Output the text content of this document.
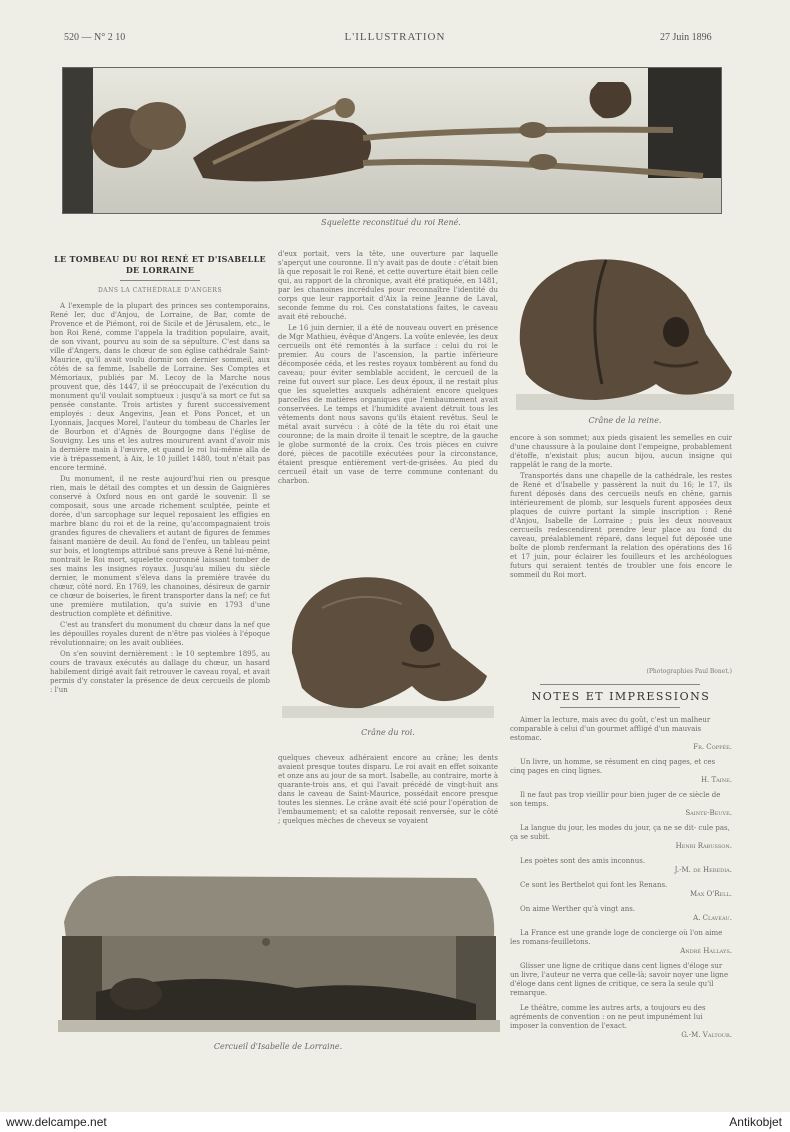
520 — N° 2 10	L'ILLUSTRATION	27 Juin 1896
Squelette reconstitué du roi René.
LE TOMBEAU DU ROI RENÉ ET D'ISABELLE DE LORRAINE
DANS LA CATHÉDRALE D'ANGERS

A l'exemple de la plupart des princes ses contemporains, René Ier, duc d'Anjou, de Lorraine, de Bar, comte de Provence et de Piémont, roi de Sicile et de Jérusalem, etc., le bon Roi René, comme l'appela la tradition populaire, avait, de son vivant, pourvu au soin de sa sépulture. C'est dans sa ville d'Angers, dans le chœur de son église cathédrale Saint-Maurice, qu'il avait voulu dormir son dernier sommeil, aux côtés de sa femme, Isabelle de Lorraine. Ses Comptes et Mémoriaux, publiés par M. Lecoy de la Marche nous prouvent que, dès 1447, il se préoccupait de l'exécution du monument qu'il voulait somptueux : jusqu'à sa mort ce fut sa pensée constante. Trois artistes y furent successivement employés : deux Angevins, Jean et Pons Poncet, et un Lyonnais, Jacques Morel, l'auteur du tombeau de Charles Ier de Bourbon et d'Agnès de Bourgogne dans l'église de Souvigny. Les uns et les autres moururent avant d'avoir mis la dernière main à l'œuvre, et quand le roi lui-même alla de vie à trépassement, à Aix, le 10 juillet 1480, tout n'était pas encore terminé.

Du monument, il ne reste aujourd'hui rien ou presque rien, mais le détail des comptes et un dessin de Gaignières conservé à Oxford nous en ont gardé le souvenir. Il se composait, sous une arcade richement sculptée, peinte et dorée, d'un sarcophage sur lequel reposaient les effigies en marbre blanc du roi et de la reine, qu'accompagnaient trois grandes figures de chevaliers et autant de figures de femmes faisant manière de deuil. Au fond de l'enfeu, un tableau peint sur bois, et longtemps attribué sans preuve à René lui-même, montrait le Roi mort, squelette couronné laissant tomber de ses mains les insignes royaux. Jusqu'au milieu du siècle dernier, le monument s'éleva dans la première travée du chœur, côté nord. En 1769, les chanoines, désireux de garnir ce chœur de boiseries, le firent transporter dans la nef; ce fut une première mutilation, qu'a suivie en 1793 d'une destruction complète et définitive.

C'est au transfert du monument du chœur dans la nef que les dépouilles royales durent de n'être pas violées à l'époque révolutionnaire; on les avait oubliées.

On s'en souvint dernièrement : le 10 septembre 1895, au cours de travaux exécutés au dallage du chœur, un hasard habilement dirigé avait fait retrouver le caveau royal, et avait permis d'y constater la présence de deux cercueils de plomb : l'un

d'eux portait, vers la tête, une ouverture par laquelle s'aperçut une couronne. Il n'y avait pas de doute : c'était bien là que reposait le roi René, et cette ouverture était bien celle qui, au rapport de la chronique, avait été pratiquée, en 1481, par les chanoines incrédules pour reconnaître l'identité du corps que leur rapportait d'Aix la reine Jeanne de Laval, seconde femme du roi. Ces constatations faites, le caveau avait été rebouché.

Le 16 juin dernier, il a été de nouveau ouvert en présence de Mgr Mathieu, évêque d'Angers. La voûte enlevée, les deux cercueils ont été remontés à la surface : celui du roi le premier. Au cours de l'ascension, la partie inférieure décomposée céda, et les restes royaux tombèrent au fond du caveau; pour éviter semblable accident, le cercueil de la reine fut ouvert sur place. Les deux époux, il ne restait plus que les squelettes auxquels adhéraient encore quelques parcelles de matières organiques que l'embaumement avait conservées. Le temps et l'humidité avaient détruit tous les vêtements dont nous savons qu'ils étaient revêtus. Seul le métal avait survécu : à côté de la tête du roi était une couronne; de la main droite il tenait le sceptre, de la gauche le globe surmonté de la croix. Ces trois pièces en cuivre doré, pièces de pacotille exécutées pour la circonstance, étaient presque entièrement vert-de-grisées. Au pied du cercueil était un vase de terre commune contenant du charbon.

Crâne du roi.

quelques cheveux adhéraient encore au crâne; les dents avaient presque toutes disparu. Le roi avait en effet soixante et onze ans au jour de sa mort. Isabelle, au contraire, morte à quarante-trois ans, et qui l'avait précédé de vingt-huit ans dans le caveau de Saint-Maurice, possédait encore presque toutes les siennes. Le crâne avait été scié pour l'opération de l'embaumement; et sa calotte reposait renversée, sur le côté ; quelques mèches de cheveux se voyaient

Crâne de la reine.

encore à son sommet; aux pieds gisaient les semelles en cuir d'une chaussure à la poulaine dont l'empeigne, probablement d'étoffe, n'existait plus; aucun bijou, aucun insigne qui rappelât le rang de la morte.

Transportés dans une chapelle de la cathédrale, les restes de René et d'Isabelle y passèrent la nuit du 16; le 17, ils furent déposés dans des cercueils neufs en chêne, garnis intérieurement de plomb, sur lesquels furent apposées deux plaques de cuivre portant la simple inscription : René d'Anjou, Isabelle de Lorraine ; puis les deux nouveaux cercueils redescendirent prendre leur place au fond du caveau, préalablement réparé, dans lequel fut déposée une boîte de plomb renfermant la relation des opérations des 16 et 17 juin, pour éclairer les fouilleurs et les archéologues futurs qui seraient tentés de troubler une fois encore le sommeil du Roi mort.

(Photographies Paul Bonet.)
NOTES ET IMPRESSIONS
Aimer la lecture, mais avec du goût, c'est un malheur comparable à celui d'un gourmet affligé d'un mauvais estomac.
Fr. Coppée.
Un livre, un homme, se résument en cinq pages, et ces cinq pages en cinq lignes.
H. Taine.
Il ne faut pas trop vieillir pour bien juger de ce siècle de son temps.
Sainte-Beuve.
La langue du jour, les modes du jour, ça ne se dit- cule pas, ça se subit.
Henri Rabusson.
Les poètes sont des amis inconnus.
J.-M. de Heredia.
Ce sont les Berthelot qui font les Renans.
Max O'Rell.
On aime Werther qu'à vingt ans.
A. Claveau.
La France est une grande loge de concierge où l'on aime les romans-feuilletons.
André Hallays.
Glisser une ligne de critique dans cent lignes d'éloge sur un livre, l'auteur ne verra que celle-là; savoir noyer une ligne d'éloge dans cent lignes de critique, ce sera la seule qu'il remarque.
Le théâtre, comme les autres arts, a toujours eu des agréments de convention : on ne peut impunément lui imposer la convention de l'exact.
G.-M. Valtour.
Cercueil d'Isabelle de Lorraine.
www.delcampe.net	Antikobjet
